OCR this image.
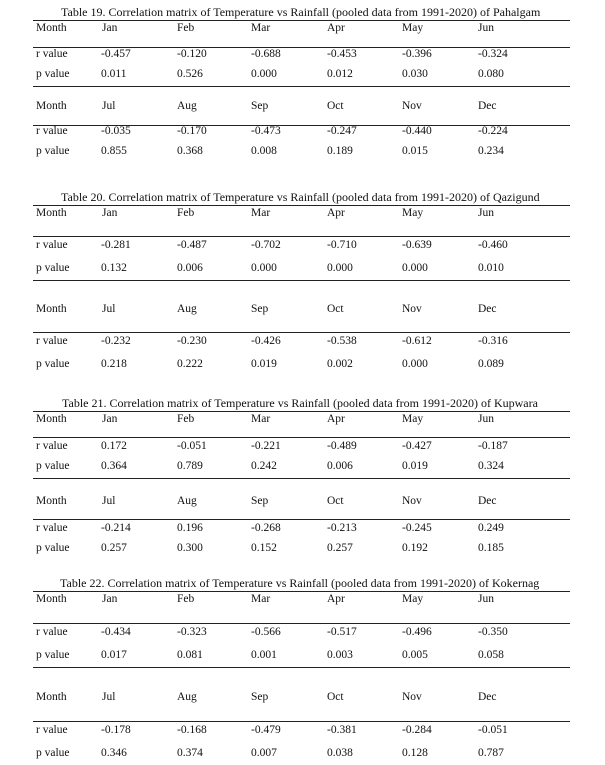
Table 19. Correlation matrix of Temperature vs Rainfall (pooled data from 1991-2020) of Pahalgam
Month	Jan	Feb	Mar	Apr	May	Jun
r value	-0.457	-0.120	-0.688	-0.453	-0.396	-0.324
p value	0.011	0.526	0.000	0.012	0.030	0.080
Month	Jul	Aug	Sep	Oct	Nov	Dec
r value	-0.035	-0.170	-0.473	-0.247	-0.440	-0.224
p value	0.855	0.368	0.008	0.189	0.015	0.234
Table 20. Correlation matrix of Temperature vs Rainfall (pooled data from 1991-2020) of Qazigund
Month	Jan	Feb	Mar	Apr	May	Jun
r value	-0.281	-0.487	-0.702	-0.710	-0.639	-0.460
p value	0.132	0.006	0.000	0.000	0.000	0.010
Month	Jul	Aug	Sep	Oct	Nov	Dec
r value	-0.232	-0.230	-0.426	-0.538	-0.612	-0.316
p value	0.218	0.222	0.019	0.002	0.000	0.089
Table 21. Correlation matrix of Temperature vs Rainfall (pooled data from 1991-2020) of Kupwara
Month	Jan	Feb	Mar	Apr	May	Jun
r value	0.172	-0.051	-0.221	-0.489	-0.427	-0.187
p value	0.364	0.789	0.242	0.006	0.019	0.324
Month	Jul	Aug	Sep	Oct	Nov	Dec
r value	-0.214	0.196	-0.268	-0.213	-0.245	0.249
p value	0.257	0.300	0.152	0.257	0.192	0.185
Table 22. Correlation matrix of Temperature vs Rainfall (pooled data from 1991-2020) of Kokernag
Month	Jan	Feb	Mar	Apr	May	Jun
r value	-0.434	-0.323	-0.566	-0.517	-0.496	-0.350
p value	0.017	0.081	0.001	0.003	0.005	0.058
Month	Jul	Aug	Sep	Oct	Nov	Dec
r value	-0.178	-0.168	-0.479	-0.381	-0.284	-0.051
p value	0.346	0.374	0.007	0.038	0.128	0.787
